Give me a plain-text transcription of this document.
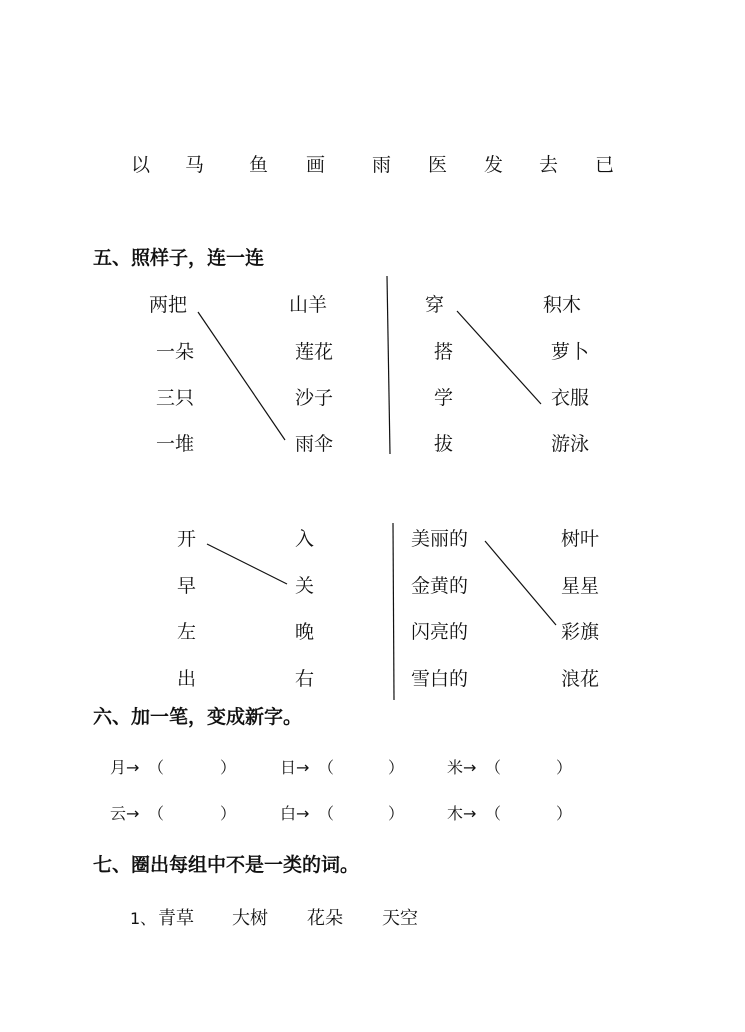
以 马 鱼 画 雨 医 发 去 已
五、照样子，连一连
两把
一朵
三只
一堆
山羊
莲花
沙子
雨伞
穿
搭
学
拔
积木
萝卜
衣服
游泳
开
早
左
出
入
关
晚
右
美丽的
金黄的
闪亮的
雪白的
树叶
星星
彩旗
浪花
六、加一笔，变成新字。
月 → （	）	日 → （	）	米 → （	）
云 → （	）	白 → （	）	木 → （	）
七、圈出每组中不是一类的词。
1、 青草 大树 花朵 天空
